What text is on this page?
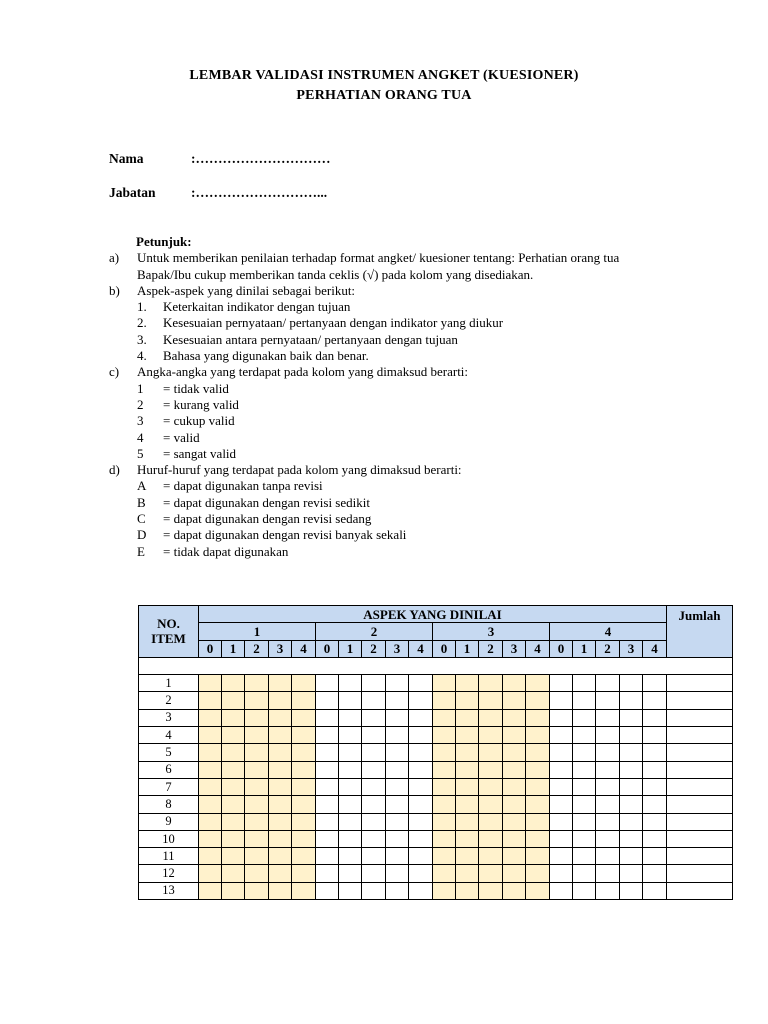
LEMBAR VALIDASI INSTRUMEN ANGKET (KUESIONER)
PERHATIAN ORANG TUA
Nama	:…………………………
Jabatan	:………………………...
Petunjuk:
a)	Untuk memberikan penilaian terhadap format angket/ kuesioner tentang: Perhatian orang tua Bapak/Ibu cukup memberikan tanda ceklis (√) pada kolom yang disediakan.
b)	Aspek-aspek yang dinilai sebagai berikut:
1.	Keterkaitan indikator dengan tujuan
2.	Kesesuaian pernyataan/ pertanyaan dengan indikator yang diukur
3.	Kesesuaian antara pernyataan/ pertanyaan dengan tujuan
4.	Bahasa yang digunakan baik dan benar.
c)	Angka-angka yang terdapat pada kolom yang dimaksud berarti:
1	= tidak valid
2	= kurang valid
3	= cukup valid
4	= valid
5	= sangat valid
d)	Huruf-huruf yang terdapat pada kolom yang dimaksud berarti:
A	= dapat digunakan tanpa revisi
B	= dapat digunakan dengan revisi sedikit
C	= dapat digunakan dengan revisi sedang
D	= dapat digunakan dengan revisi banyak sekali
E	= tidak dapat digunakan
NO. ITEM	ASPEK YANG DINILAI																				Jumlah
	1					2					3					4					
	0	1	2	3	4	0	1	2	3	4	0	1	2	3	4	0	1	2	3	4	

1																					
2																					
3																					
4																					
5																					
6																					
7																					
8																					
9																					
10																					
11																					
12																					
13																					
